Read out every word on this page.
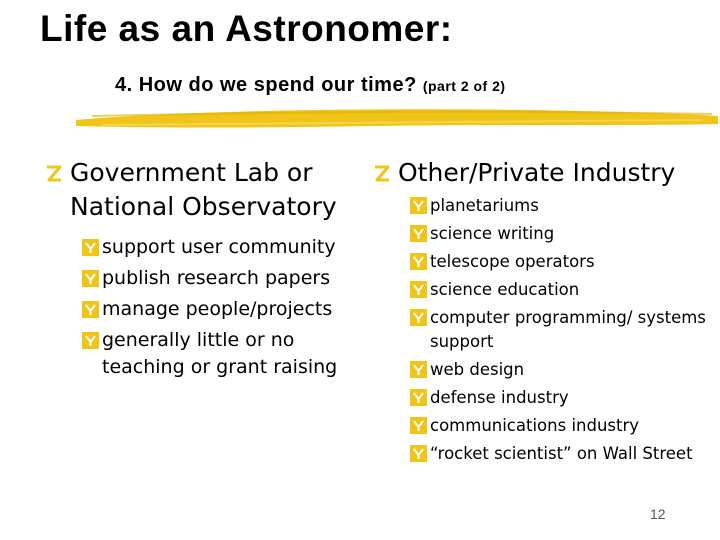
Life as an Astronomer:
4. How do we spend our time? (part 2 of 2)
Government Lab or National Observatory
support user community
publish research papers
manage people/projects
generally little or no teaching or grant raising
Other/Private Industry
planetariums
science writing
telescope operators
science education
computer programming/ systems support
web design
defense industry
communications industry
“rocket scientist” on Wall Street
12
